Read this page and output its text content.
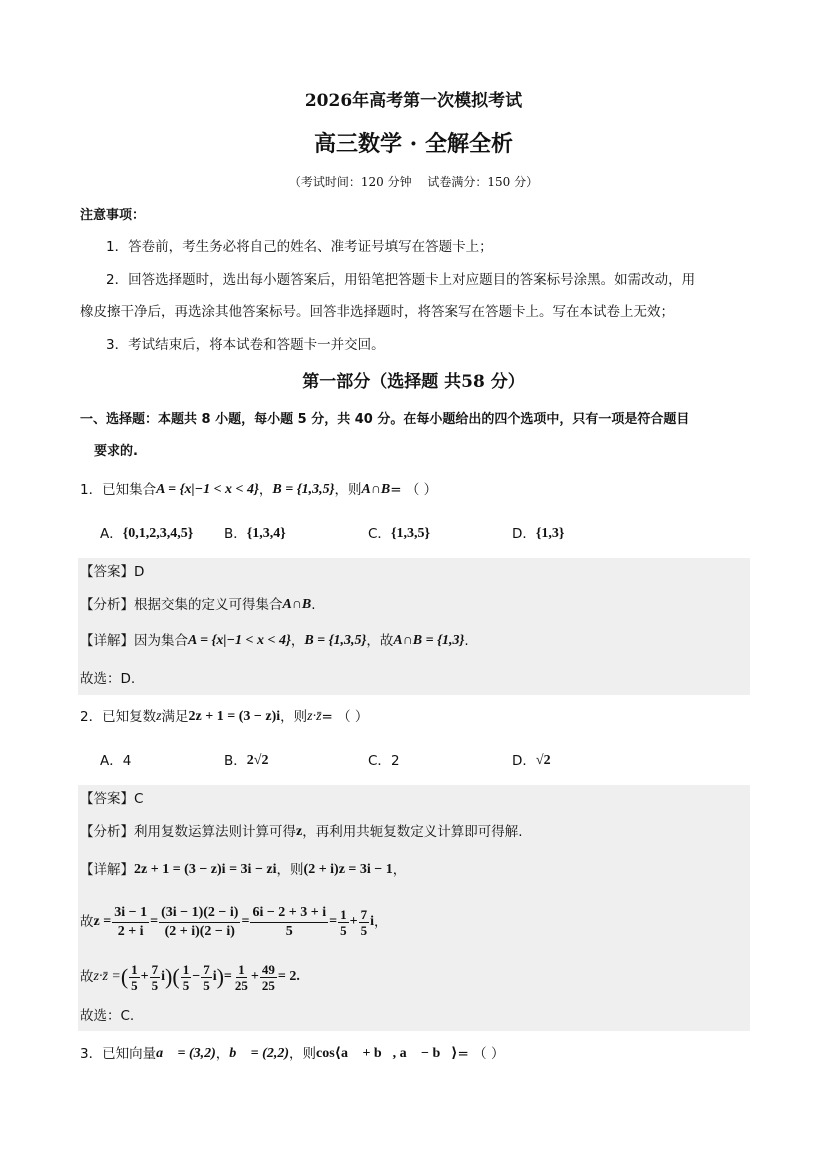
2026年高考第一次模拟考试
高三数学 · 全解全析
（考试时间：120 分钟　 试卷满分：150 分）
注意事项：
1．答卷前，考生务必将自己的姓名、准考证号填写在答题卡上；
2．回答选择题时，选出每小题答案后，用铅笔把答题卡上对应题目的答案标号涂黑。如需改动，用
橡皮擦干净后，再选涂其他答案标号。回答非选择题时，将答案写在答题卡上。写在本试卷上无效；
3．考试结束后，将本试卷和答题卡一并交回。
第一部分（选择题 共58 分）
一、选择题：本题共 8 小题，每小题 5 分，共 40 分。在每小题给出的四个选项中，只有一项是符合题目
要求的.
1．已知集合 A = {x|−1 < x < 4} ， B = {1,3,5} ，则 A∩B = （ ）
A． {0,1,2,3,4,5} B． {1,3,4}	C． {1,3,5}	D． {1,3}
【答案】D
【分析】 根据交集的定义可得集合 A∩B .
【详解】 因为集合 A = {x|−1 < x < 4} ， B = {1,3,5} ，故 A∩B = {1,3} .
故选：D.
2．已知复数 z 满足 2z + 1 = (3 − z)i ，则 z·z̄ = （ ）
A． 4	B． 2√2	C． 2	D． √2
【答案】C
【分析】 利用复数运算法则计算可得 z ，再利用共轭复数定义计算即可得解.
【详解】 2z + 1 = (3 − z)i = 3i − zi ，则 (2 + i)z = 3i − 1 ，
故 $z = \frac{3i - 1}{2 + i} = \frac{(3i - 1)(2 - i)}{(2 + i)(2 - i)} = \frac{6i - 2 + 3 + i}{5} = \frac{1}{5} + \frac{7}{5}$ i ，
故 z·z̄ = ( $\frac{1}{5} + \frac{7}{5}$ i )( $\frac{1}{5} - \frac{7}{5}$ i ) = $\frac{1}{25} + \frac{49}{25} = 2$.
故选：C.
3．已知向量 a⃗ = (3,2) ， b⃗ = (2,2) ，则 cos⟨a⃗ + b⃗, a⃗ − b⃗⟩ = （ ）
